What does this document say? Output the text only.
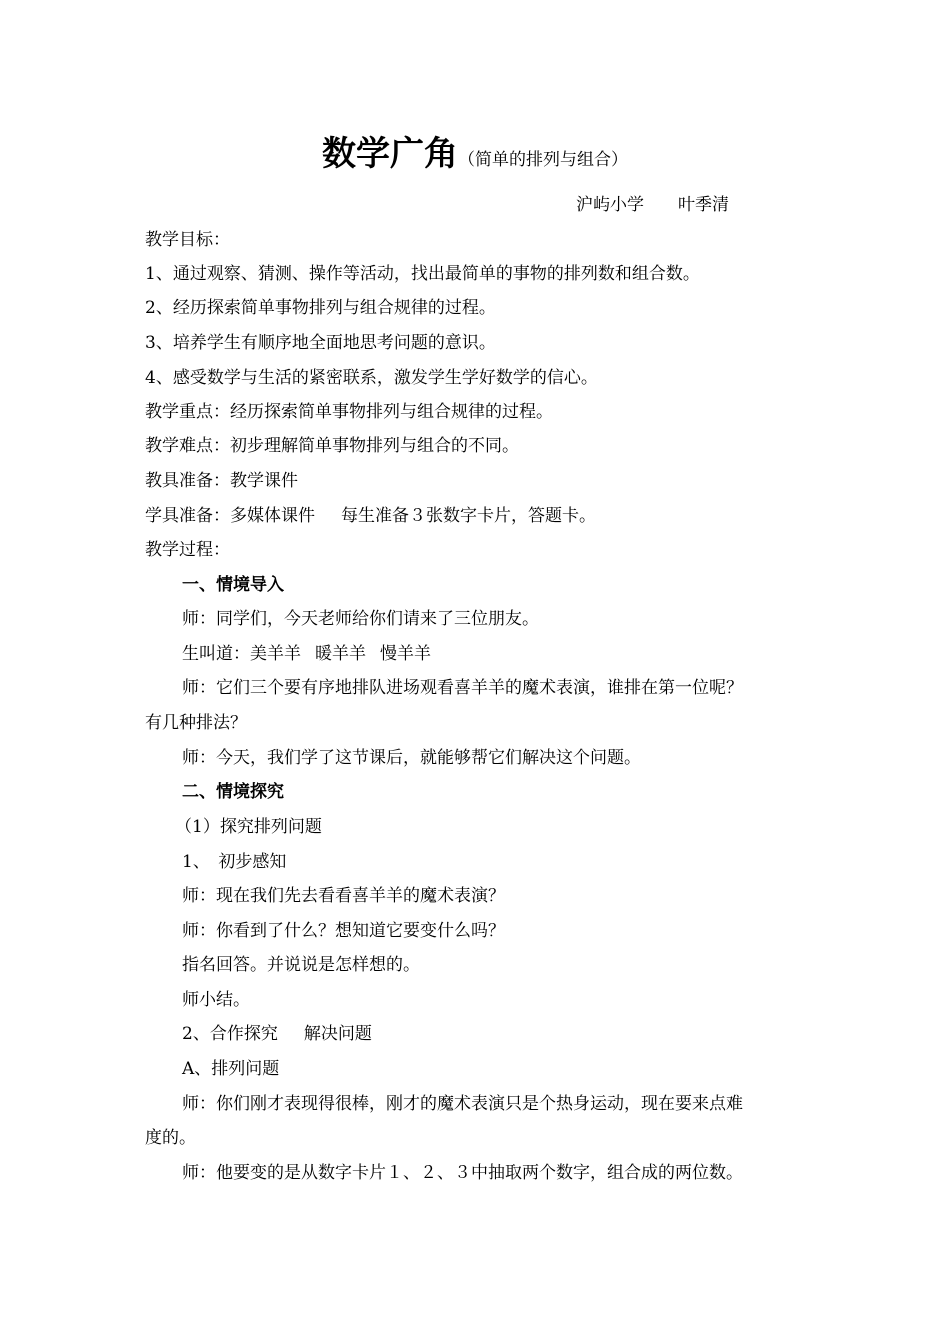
数学广角（简单的排列与组合）
沪屿小学 叶季清
教学目标：
1、通过观察、猜测、操作等活动，找出最简单的事物的排列数和组合数。
2、经历探索简单事物排列与组合规律的过程。
3、培养学生有顺序地全面地思考问题的意识。
4、感受数学与生活的紧密联系，激发学生学好数学的信心。
教学重点：经历探索简单事物排列与组合规律的过程。
教学难点：初步理解简单事物排列与组合的不同。
教具准备：教学课件
学具准备：多媒体课件 每生准备３张数字卡片，答题卡。
教学过程：
一、情境导入
师：同学们，今天老师给你们请来了三位朋友。
生叫道：美羊羊 暖羊羊 慢羊羊
师：它们三个要有序地排队进场观看喜羊羊的魔术表演，谁排在第一位呢？
有几种排法？
师：今天，我们学了这节课后，就能够帮它们解决这个问题。
二、情境探究
（1）探究排列问题
1、　初步感知
师：现在我们先去看看喜羊羊的魔术表演？
师：你看到了什么？想知道它要变什么吗？
指名回答。并说说是怎样想的。
师小结。
2、合作探究 解决问题
A、排列问题
师：你们刚才表现得很棒，刚才的魔术表演只是个热身运动，现在要来点难
度的。
师：他要变的是从数字卡片１、２、３中抽取两个数字，组合成的两位数。
